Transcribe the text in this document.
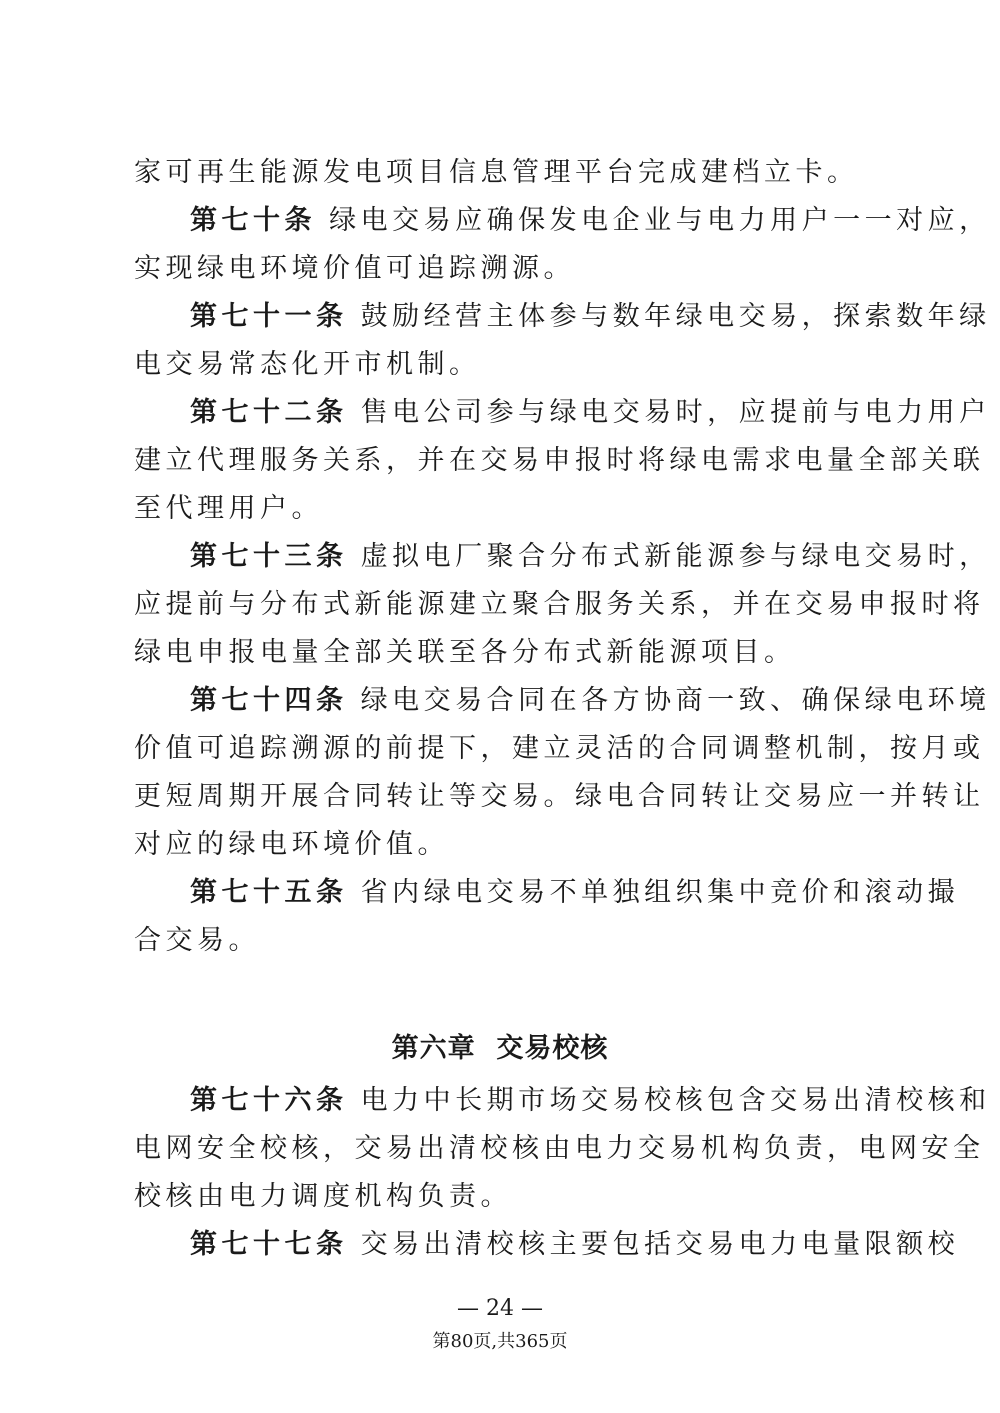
家可再生能源发电项目信息管理平台完成建档立卡。
第七十条 绿电交易应确保发电企业与电力用户一一对应，
实现绿电环境价值可追踪溯源。
第七十一条 鼓励经营主体参与数年绿电交易，探索数年绿
电交易常态化开市机制。
第七十二条 售电公司参与绿电交易时，应提前与电力用户
建立代理服务关系，并在交易申报时将绿电需求电量全部关联
至代理用户。
第七十三条 虚拟电厂聚合分布式新能源参与绿电交易时，
应提前与分布式新能源建立聚合服务关系，并在交易申报时将
绿电申报电量全部关联至各分布式新能源项目。
第七十四条 绿电交易合同在各方协商一致、确保绿电环境
价值可追踪溯源的前提下，建立灵活的合同调整机制，按月或
更短周期开展合同转让等交易。绿电合同转让交易应一并转让
对应的绿电环境价值。
第七十五条 省内绿电交易不单独组织集中竞价和滚动撮
合交易。
第六章  交易校核
第七十六条 电力中长期市场交易校核包含交易出清校核和
电网安全校核，交易出清校核由电力交易机构负责，电网安全
校核由电力调度机构负责。
第七十七条 交易出清校核主要包括交易电力电量限额校
— 24 —
第80页,共365页
